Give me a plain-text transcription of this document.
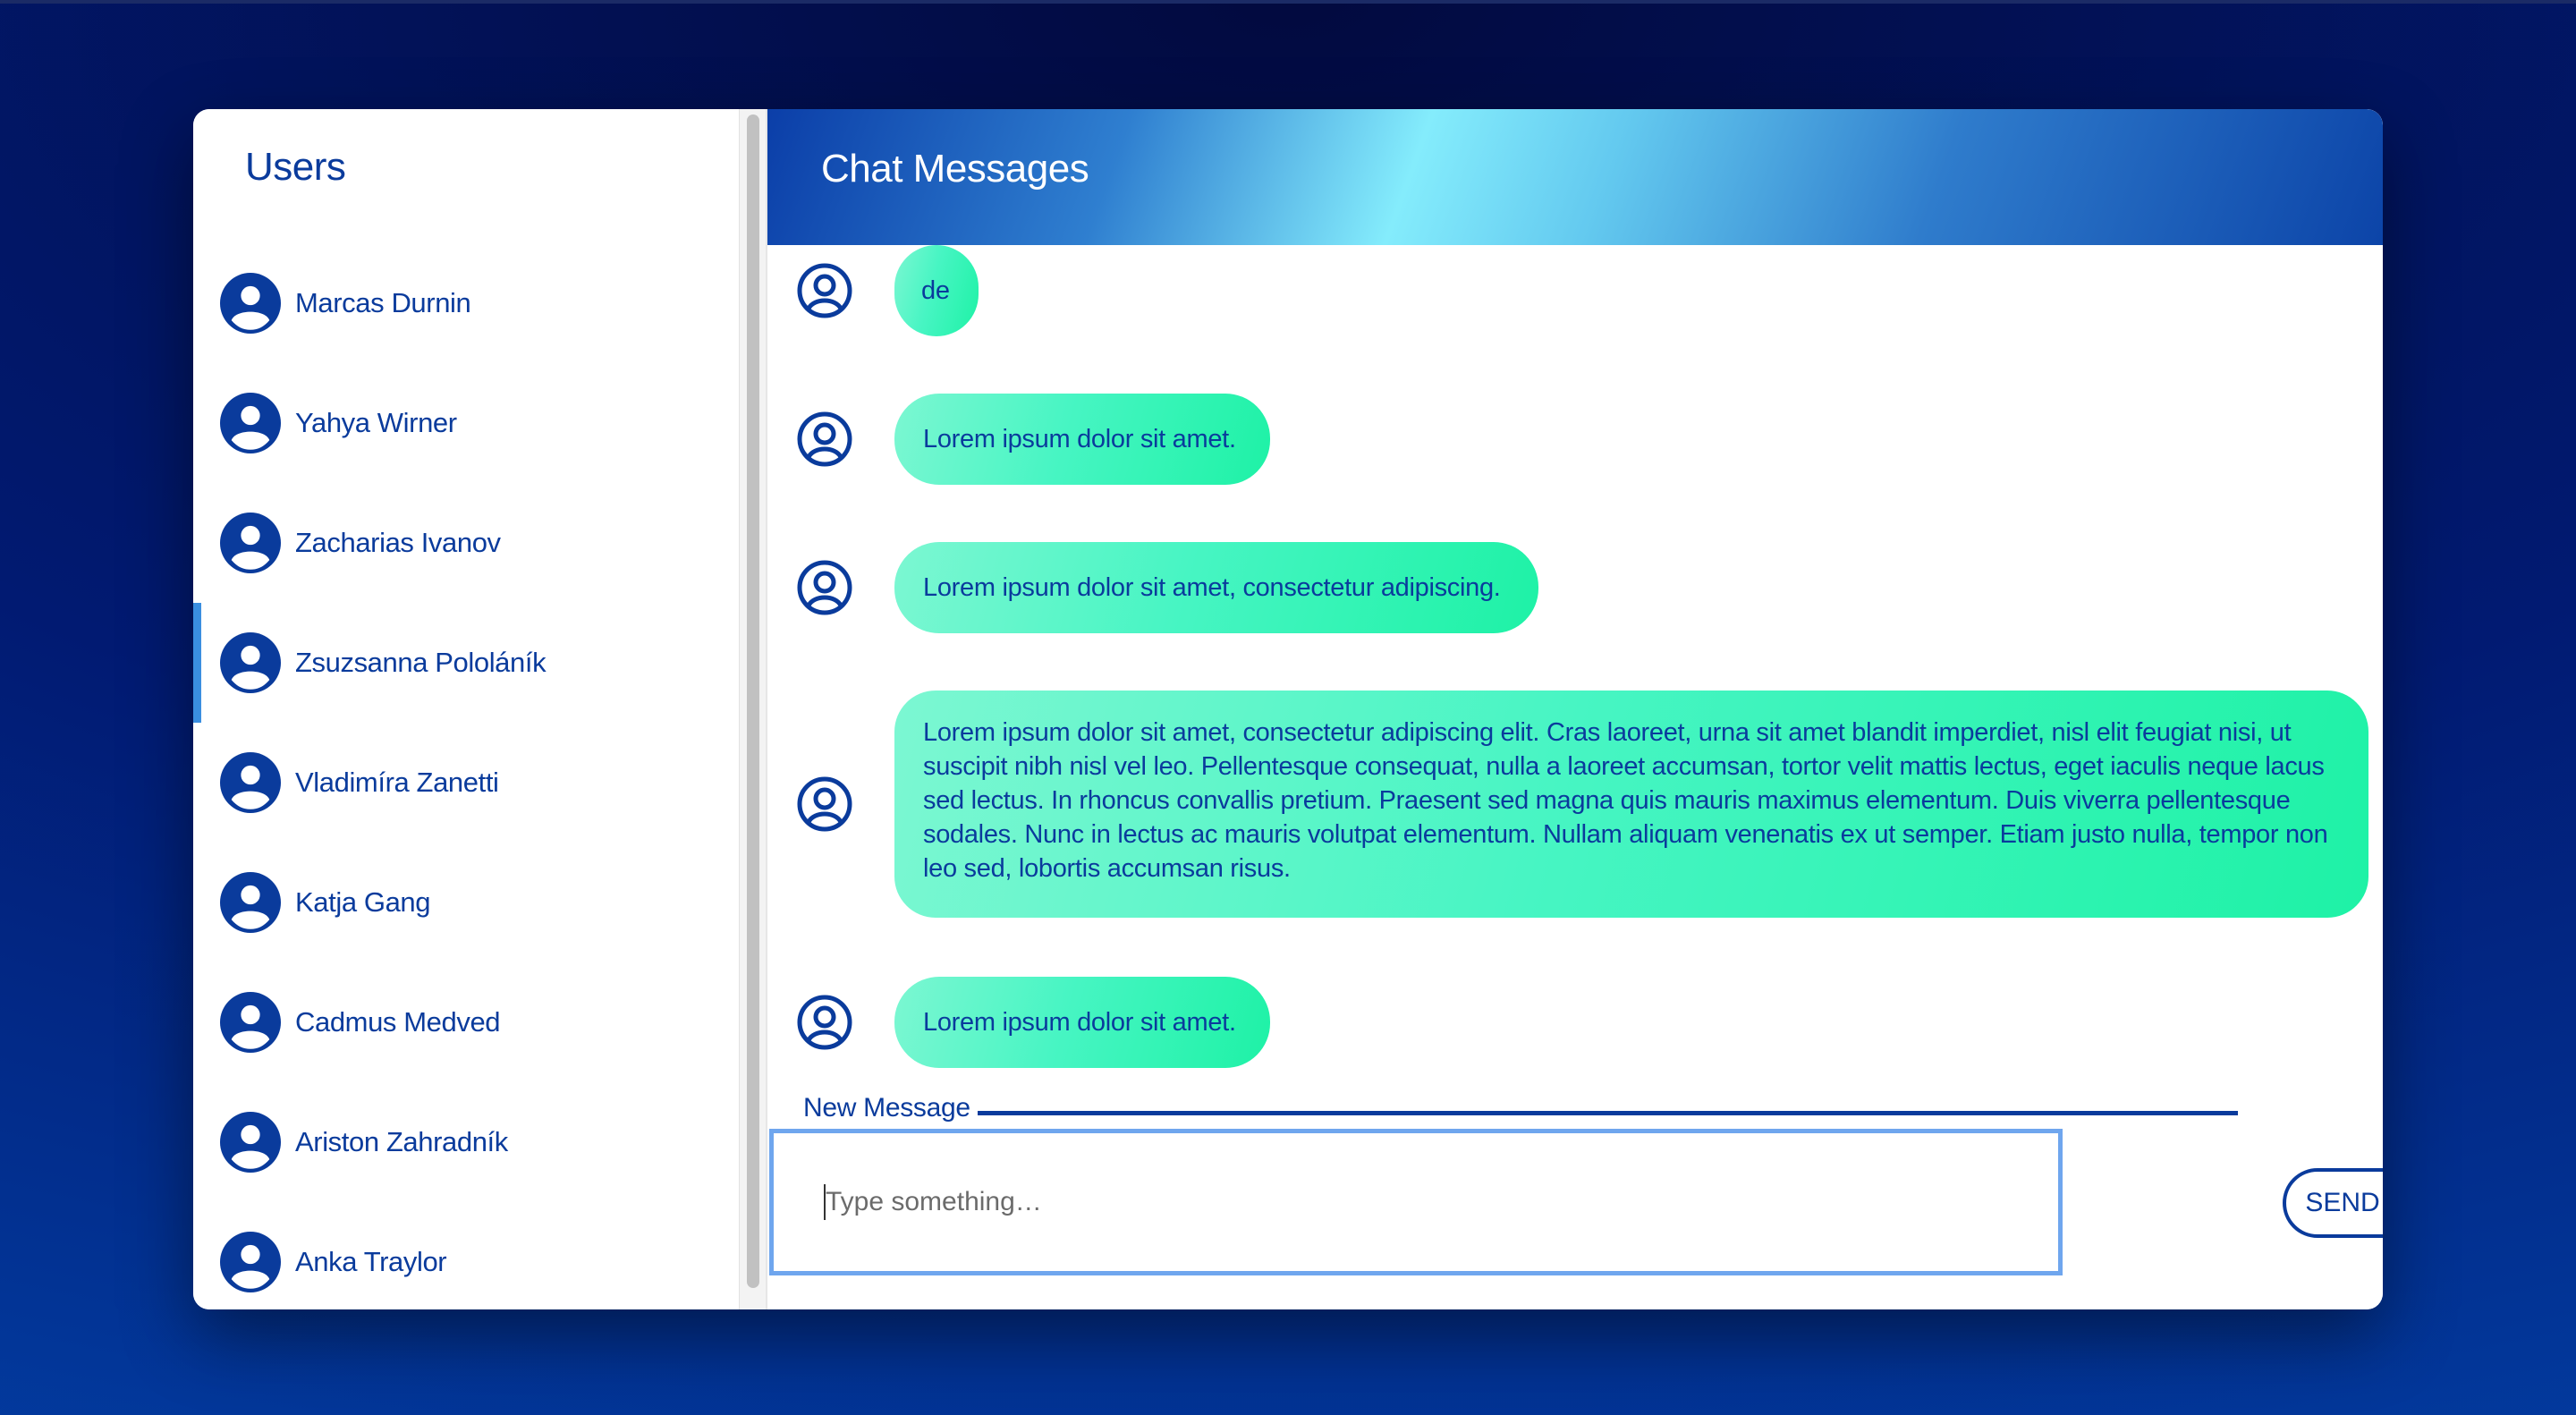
Users
Marcas Durnin
Yahya Wirner
Zacharias Ivanov
Zsuzsanna Pololáník
Vladimíra Zanetti
Katja Gang
Cadmus Medved
Ariston Zahradník
Anka Traylor
Chat Messages
de
Lorem ipsum dolor sit amet.
Lorem ipsum dolor sit amet, consectetur adipiscing.
Lorem ipsum dolor sit amet, consectetur adipiscing elit. Cras laoreet, urna sit amet blandit imperdiet, nisl elit feugiat nisi, ut suscipit nibh nisl vel leo. Pellentesque consequat, nulla a laoreet accumsan, tortor velit mattis lectus, eget iaculis neque lacus sed lectus. In rhoncus convallis pretium. Praesent sed magna quis mauris maximus elementum. Duis viverra pellentesque sodales. Nunc in lectus ac mauris volutpat elementum. Nullam aliquam venenatis ex ut semper. Etiam justo nulla, tempor non leo sed, lobortis accumsan risus.
Lorem ipsum dolor sit amet.
New Message
Type something…
SEND
